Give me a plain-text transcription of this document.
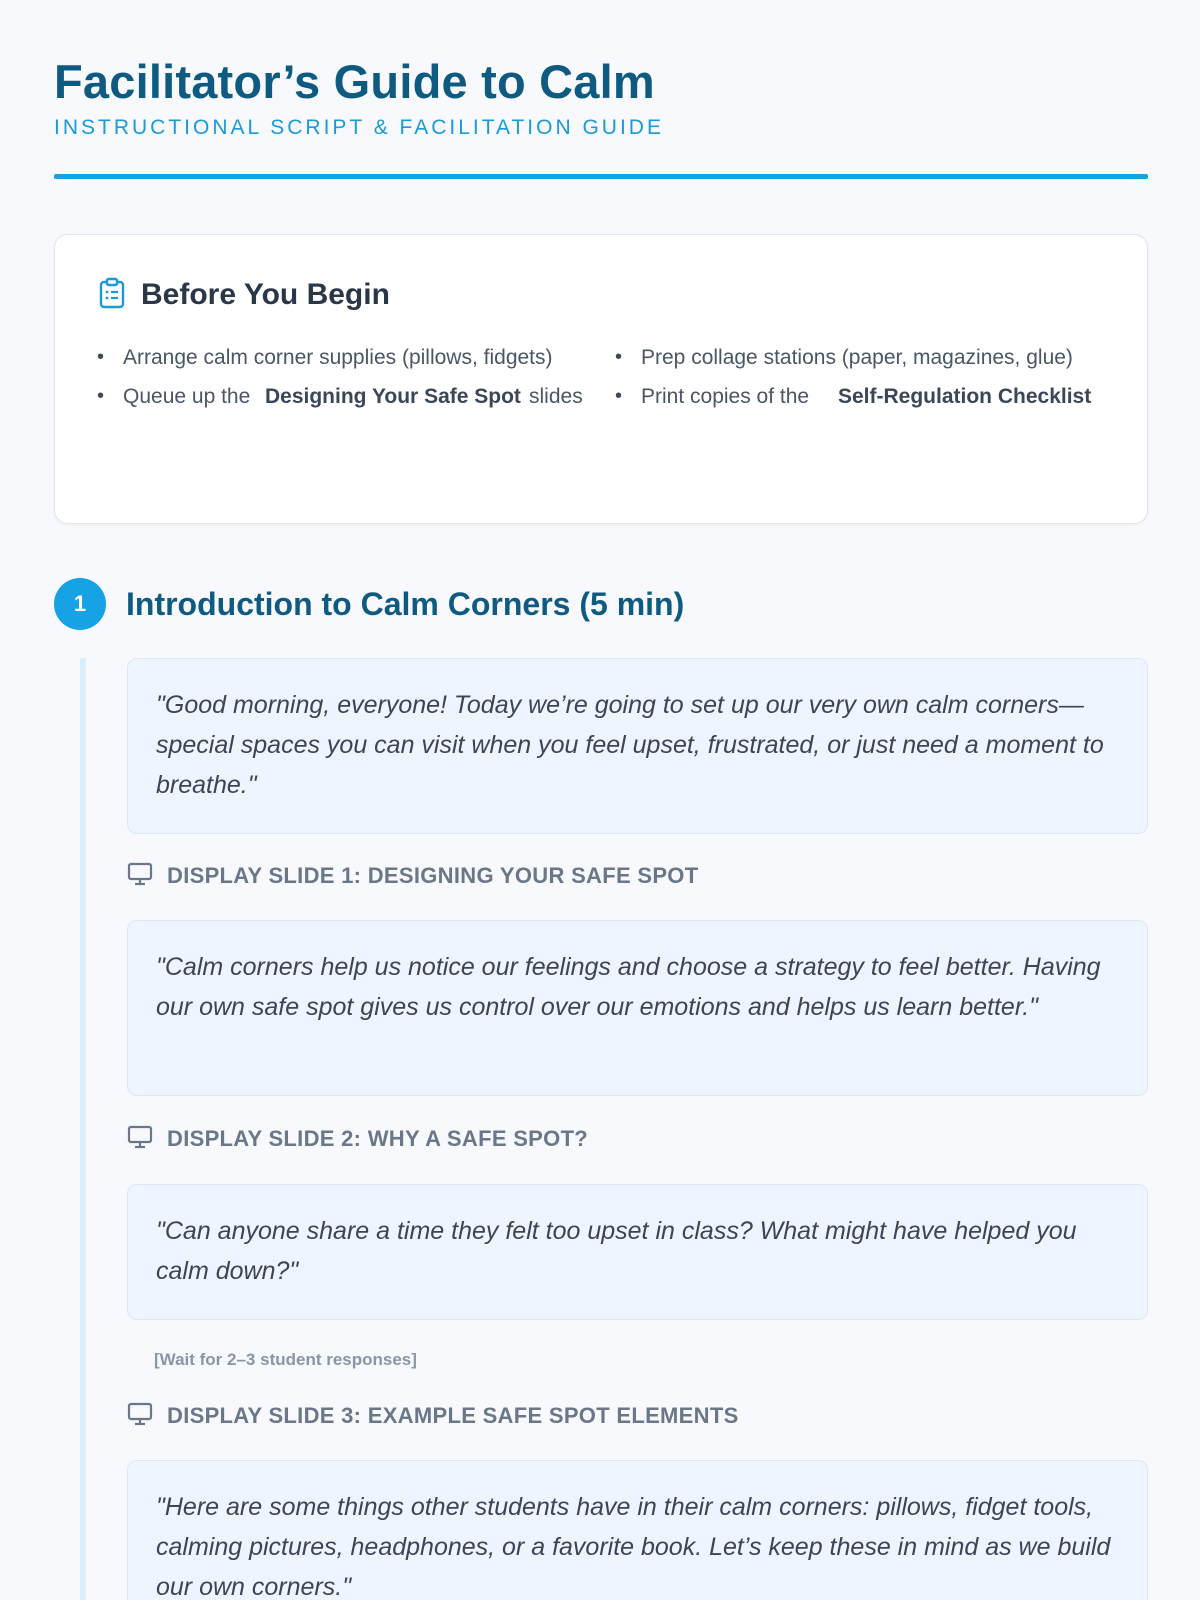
Facilitator’s Guide to Calm
INSTRUCTIONAL SCRIPT & FACILITATION GUIDE
Before You Begin
• Arrange calm corner supplies (pillows, fidgets)	• Prep collage stations (paper, magazines, glue)
• Queue up the Designing Your Safe Spot slides • Print copies of the	Self-Regulation Checklist
1	Introduction to Calm Corners (5 min)
"Good morning, everyone! Today we’re going to set up our very own calm corners—special spaces you can visit when you feel upset, frustrated, or just need a moment to breathe."
DISPLAY SLIDE 1: DESIGNING YOUR SAFE SPOT
"Calm corners help us notice our feelings and choose a strategy to feel better. Having our own safe spot gives us control over our emotions and helps us learn better."
DISPLAY SLIDE 2: WHY A SAFE SPOT?
"Can anyone share a time they felt too upset in class? What might have helped you calm down?"
[Wait for 2–3 student responses]
DISPLAY SLIDE 3: EXAMPLE SAFE SPOT ELEMENTS
"Here are some things other students have in their calm corners: pillows, fidget tools, calming pictures, headphones, or a favorite book. Let’s keep these in mind as we build our own corners."
